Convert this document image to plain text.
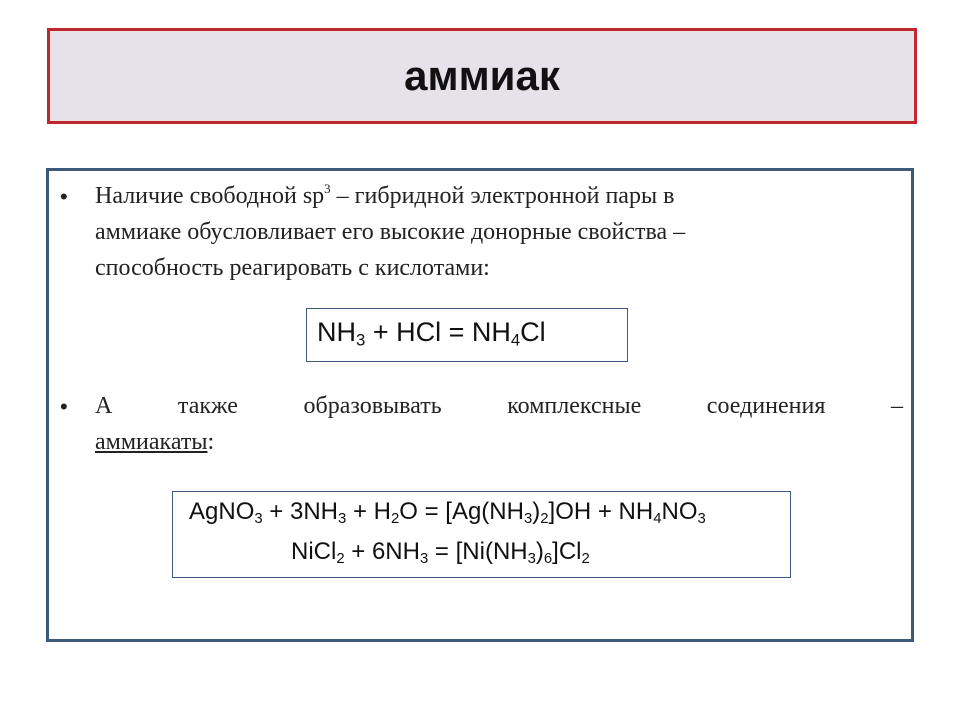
аммиак
• Наличие свободной $sp^3$ – гибридной электронной пары в
аммиаке обусловливает его высокие донорные свойства –
способность реагировать с кислотами:
$NH_3$ + HCl = $NH_4Cl$
• А	также	образовывать	комплексные	соединения	–
аммиакаты:
AgNO$_3$ + $3NH_3 + H_2O = [Ag(NH_3)_2]OH + NH_4NO_3$
NiCl$_2$ + $6NH_3 = [Ni(NH_3)_6]Cl_2$
